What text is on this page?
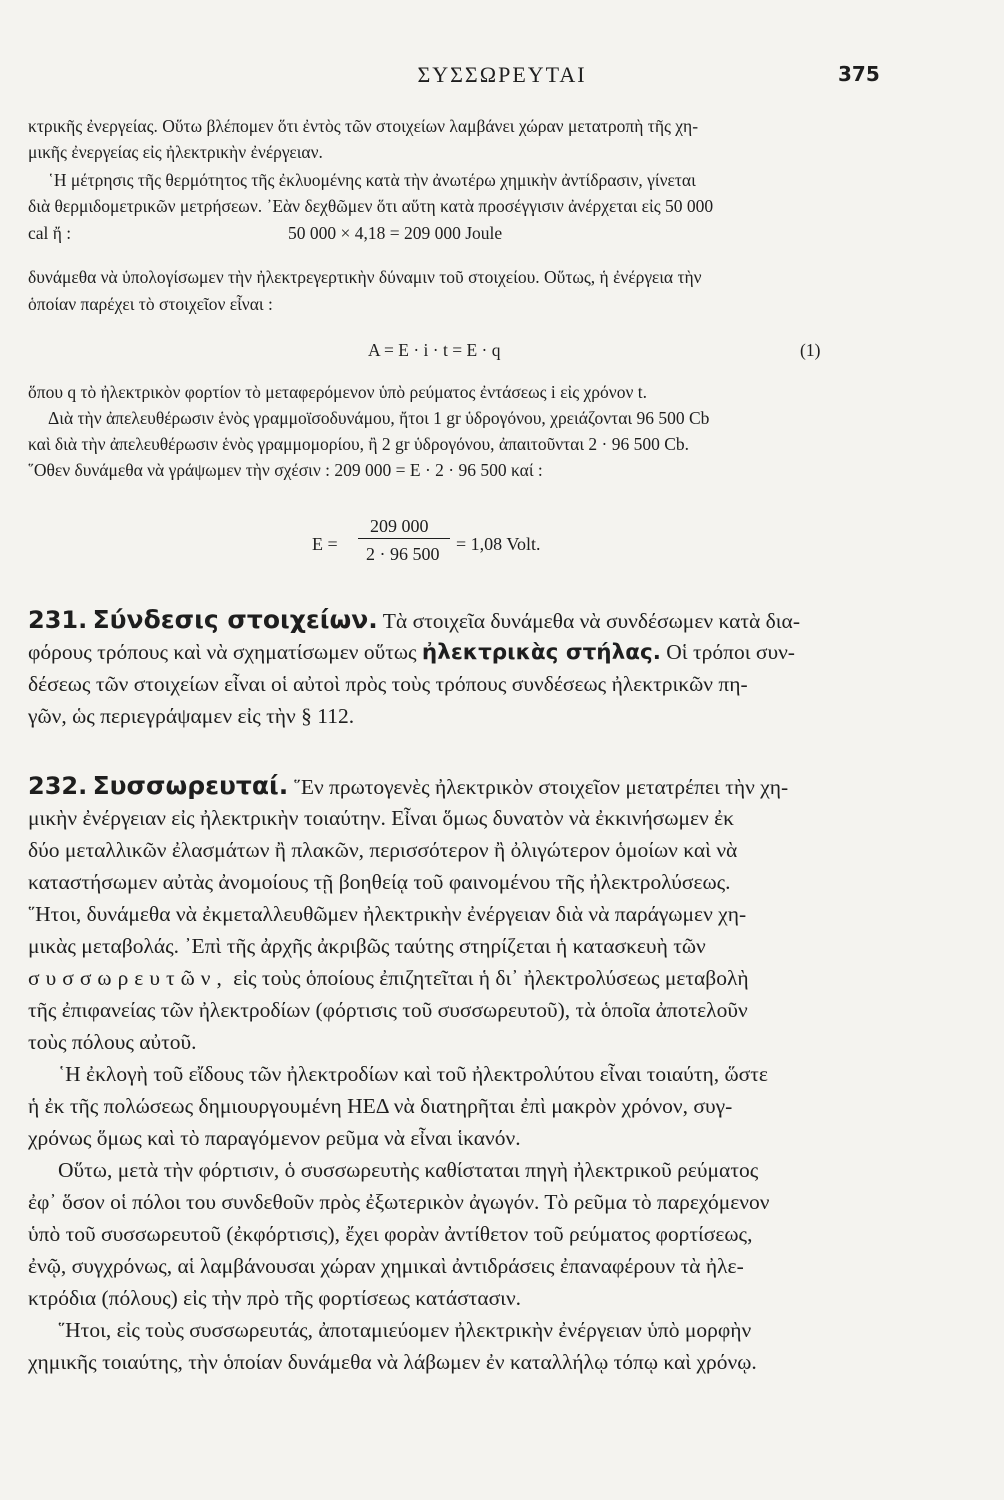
ΣΥΣΣΩΡΕΥΤΑΙ	375
κτρικῆς ἐνεργείας. Οὕτω βλέπομεν ὅτι ἐντὸς τῶν στοιχείων λαμβάνει χώραν μετατροπὴ τῆς χη-
μικῆς ἐνεργείας εἰς ἠλεκτρικὴν ἐνέργειαν.
῾Η μέτρησις τῆς θερμότητος τῆς ἐκλυομένης κατὰ τὴν ἀνωτέρω χημικὴν ἀντίδρασιν, γίνεται
διὰ θερμιδομετρικῶν μετρήσεων. ᾿Εὰν δεχθῶμεν ὅτι αὕτη κατὰ προσέγγισιν ἀνέρχεται εἰς 50 000
cal ἤ :	50 000 × 4,18 = 209 000 Joule
δυνάμεθα νὰ ὑπολογίσωμεν τὴν ἠλεκτρεγερτικὴν δύναμιν τοῦ στοιχείου. Οὕτως, ἡ ἐνέργεια τὴν
ὁποίαν παρέχει τὸ στοιχεῖον εἶναι :
A = E · i · t = E · q	(1)
ὅπου q τὸ ἠλεκτρικὸν φορτίον τὸ μεταφερόμενον ὑπὸ ρεύματος ἐντάσεως i εἰς χρόνον t.
Διὰ τὴν ἀπελευθέρωσιν ἑνὸς γραμμοϊσοδυνάμου, ἤτοι 1 gr ὑδρογόνου, χρειάζονται 96 500 Cb
καὶ διὰ τὴν ἀπελευθέρωσιν ἑνὸς γραμμομορίου, ἢ 2 gr ὑδρογόνου, ἀπαιτοῦνται 2 · 96 500 Cb.
῞Οθεν δυνάμεθα νὰ γράψωμεν τὴν σχέσιν : 209 000 = E · 2 · 96 500 καί :
E =
209 000
2 · 96 500 = 1,08 Volt.
231. Σύνδεσις στοιχείων. Τὰ στοιχεῖα δυνάμεθα νὰ συνδέσωμεν κατὰ δια-
φόρους τρόπους καὶ νὰ σχηματίσωμεν οὕτως ἠλεκτρικὰς στήλας. Οἱ τρόποι συν-
δέσεως τῶν στοιχείων εἶναι οἱ αὐτοὶ πρὸς τοὺς τρόπους συνδέσεως ἠλεκτρικῶν πη-
γῶν, ὡς περιεγράψαμεν εἰς τὴν § 112.
232. Συσσωρευταί. ῞Εν πρωτογενὲς ἠλεκτρικὸν στοιχεῖον μετατρέπει τὴν χη-
μικὴν ἐνέργειαν εἰς ἠλεκτρικὴν τοιαύτην. Εἶναι ὅμως δυνατὸν νὰ ἐκκινήσωμεν ἐκ
δύο μεταλλικῶν ἐλασμάτων ἢ πλακῶν, περισσότερον ἢ ὀλιγώτερον ὁμοίων καὶ νὰ
καταστήσωμεν αὐτὰς ἀνομοίους τῇ βοηθείᾳ τοῦ φαινομένου τῆς ἠλεκτρολύσεως.
῞Ητοι, δυνάμεθα νὰ ἐκμεταλλευθῶμεν ἠλεκτρικὴν ἐνέργειαν διὰ νὰ παράγωμεν χη-
μικὰς μεταβολάς. ᾿Επὶ τῆς ἀρχῆς ἀκριβῶς ταύτης στηρίζεται ἡ κατασκευὴ τῶν
συσσωρευτῶν, εἰς τοὺς ὁποίους ἐπιζητεῖται ἡ δι᾿ ἠλεκτρολύσεως μεταβολὴ
τῆς ἐπιφανείας τῶν ἠλεκτροδίων (φόρτισις τοῦ συσσωρευτοῦ), τὰ ὁποῖα ἀποτελοῦν
τοὺς πόλους αὐτοῦ.
῾Η ἐκλογὴ τοῦ εἴδους τῶν ἠλεκτροδίων καὶ τοῦ ἠλεκτρολύτου εἶναι τοιαύτη, ὥστε
ἡ ἐκ τῆς πολώσεως δημιουργουμένη ΗΕΔ νὰ διατηρῆται ἐπὶ μακρὸν χρόνον, συγ-
χρόνως ὅμως καὶ τὸ παραγόμενον ρεῦμα νὰ εἶναι ἱκανόν.
Οὕτω, μετὰ τὴν φόρτισιν, ὁ συσσωρευτὴς καθίσταται πηγὴ ἠλεκτρικοῦ ρεύματος
ἐφ᾿ ὅσον οἱ πόλοι του συνδεθοῦν πρὸς ἐξωτερικὸν ἀγωγόν. Τὸ ρεῦμα τὸ παρεχόμενον
ὑπὸ τοῦ συσσωρευτοῦ (ἐκφόρτισις), ἔχει φορὰν ἀντίθετον τοῦ ρεύματος φορτίσεως,
ἐνῷ, συγχρόνως, αἱ λαμβάνουσαι χώραν χημικαὶ ἀντιδράσεις ἐπαναφέρουν τὰ ἠλε-
κτρόδια (πόλους) εἰς τὴν πρὸ τῆς φορτίσεως κατάστασιν.
῞Ητοι, εἰς τοὺς συσσωρευτάς, ἀποταμιεύομεν ἠλεκτρικὴν ἐνέργειαν ὑπὸ μορφὴν
χημικῆς τοιαύτης, τὴν ὁποίαν δυνάμεθα νὰ λάβωμεν ἐν καταλλήλῳ τόπῳ καὶ χρόνῳ.
